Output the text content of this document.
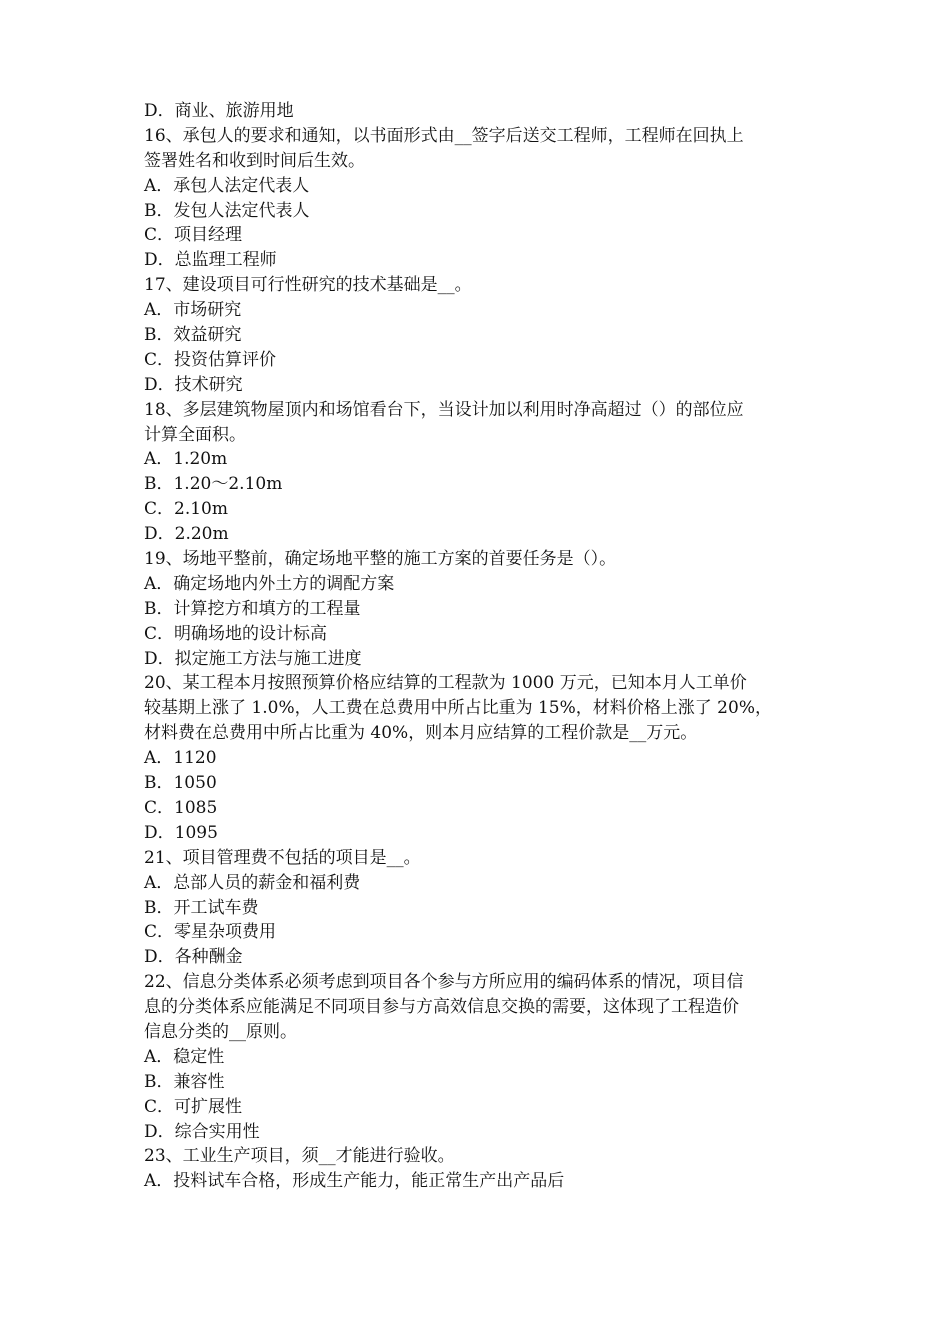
D．商业、旅游用地
16、承包人的要求和通知，以书面形式由__签字后送交工程师，工程师在回执上
签署姓名和收到时间后生效。
A．承包人法定代表人
B．发包人法定代表人
C．项目经理
D．总监理工程师
17、建设项目可行性研究的技术基础是__。
A．市场研究
B．效益研究
C．投资估算评价
D．技术研究
18、多层建筑物屋顶内和场馆看台下，当设计加以利用时净高超过（）的部位应
计算全面积。
A．1.20m
B．1.20～2.10m
C．2.10m
D．2.20m
19、场地平整前，确定场地平整的施工方案的首要任务是（）。
A．确定场地内外土方的调配方案
B．计算挖方和填方的工程量
C．明确场地的设计标高
D．拟定施工方法与施工进度
20、某工程本月按照预算价格应结算的工程款为 1000 万元，已知本月人工单价
较基期上涨了 1.0%，人工费在总费用中所占比重为 15%，材料价格上涨了 20%，
材料费在总费用中所占比重为 40%，则本月应结算的工程价款是__万元。
A．1120
B．1050
C．1085
D．1095
21、项目管理费不包括的项目是__。
A．总部人员的薪金和福利费
B．开工试车费
C．零星杂项费用
D．各种酬金
22、信息分类体系必须考虑到项目各个参与方所应用的编码体系的情况，项目信
息的分类体系应能满足不同项目参与方高效信息交换的需要，这体现了工程造价
信息分类的__原则。
A．稳定性
B．兼容性
C．可扩展性
D．综合实用性
23、工业生产项目，须__才能进行验收。
A．投料试车合格，形成生产能力，能正常生产出产品后
